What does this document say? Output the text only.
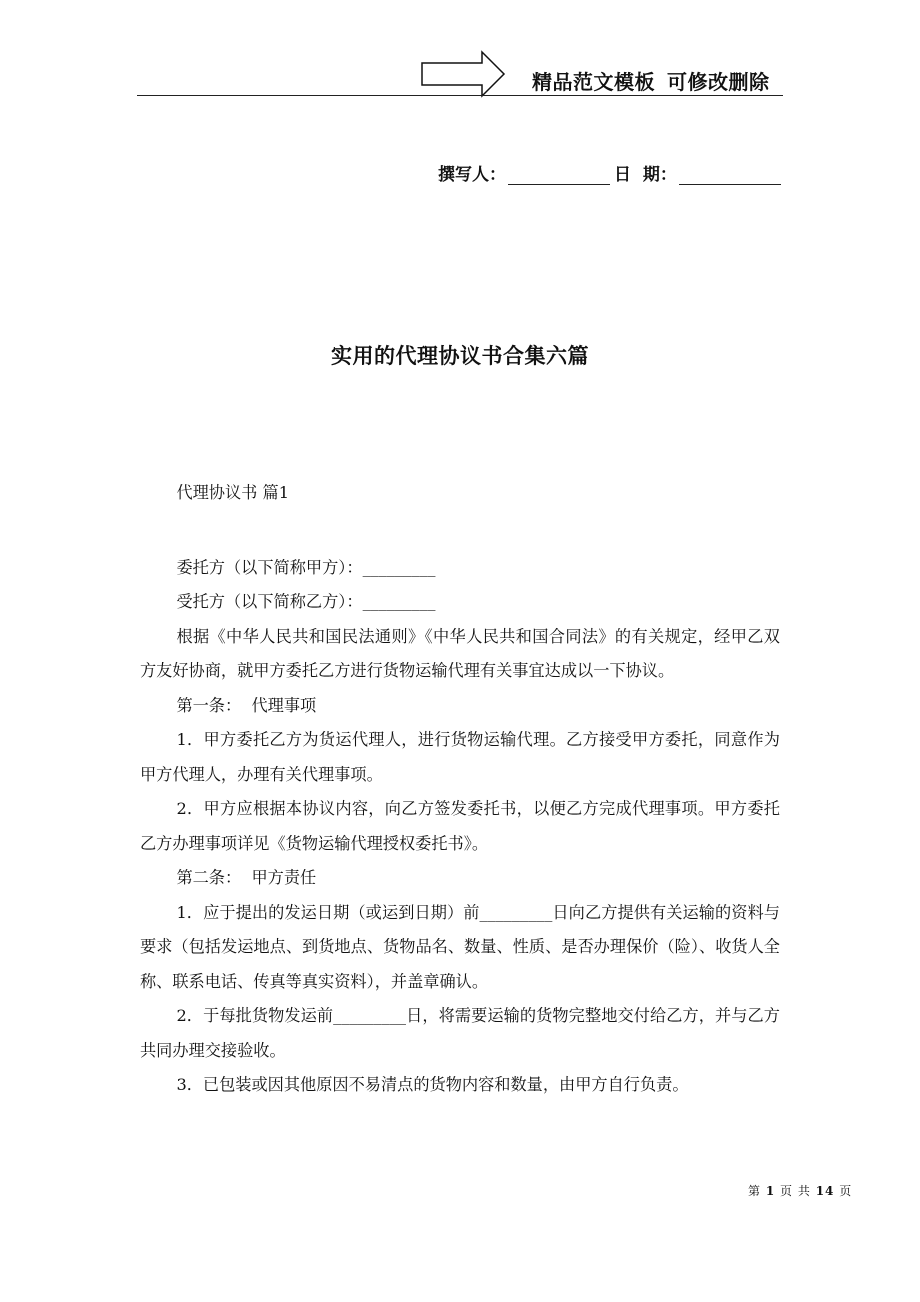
精品范文模板 可修改删除
撰写人：	日  期：
实用的代理协议书合集六篇

代理协议书 篇1

委托方（以下简称甲方）：_________

受托方（以下简称乙方）：_________

根据《中华人民共和国民法通则》《中华人民共和国合同法》的有关规定，经甲乙双方友好协商，就甲方委托乙方进行货物运输代理有关事宜达成以一下协议。

第一条：  代理事项

1．甲方委托乙方为货运代理人，进行货物运输代理。乙方接受甲方委托，同意作为甲方代理人，办理有关代理事项。

2．甲方应根据本协议内容，向乙方签发委托书，以便乙方完成代理事项。甲方委托乙方办理事项详见《货物运输代理授权委托书》。

第二条：  甲方责任

1．应于提出的发运日期（或运到日期）前_________日向乙方提供有关运输的资料与要求（包括发运地点、到货地点、货物品名、数量、性质、是否办理保价（险）、收货人全称、联系电话、传真等真实资料），并盖章确认。

2．于每批货物发运前_________日，将需要运输的货物完整地交付给乙方，并与乙方共同办理交接验收。

3．已包装或因其他原因不易清点的货物内容和数量，由甲方自行负责。

第 1 页 共 14 页
